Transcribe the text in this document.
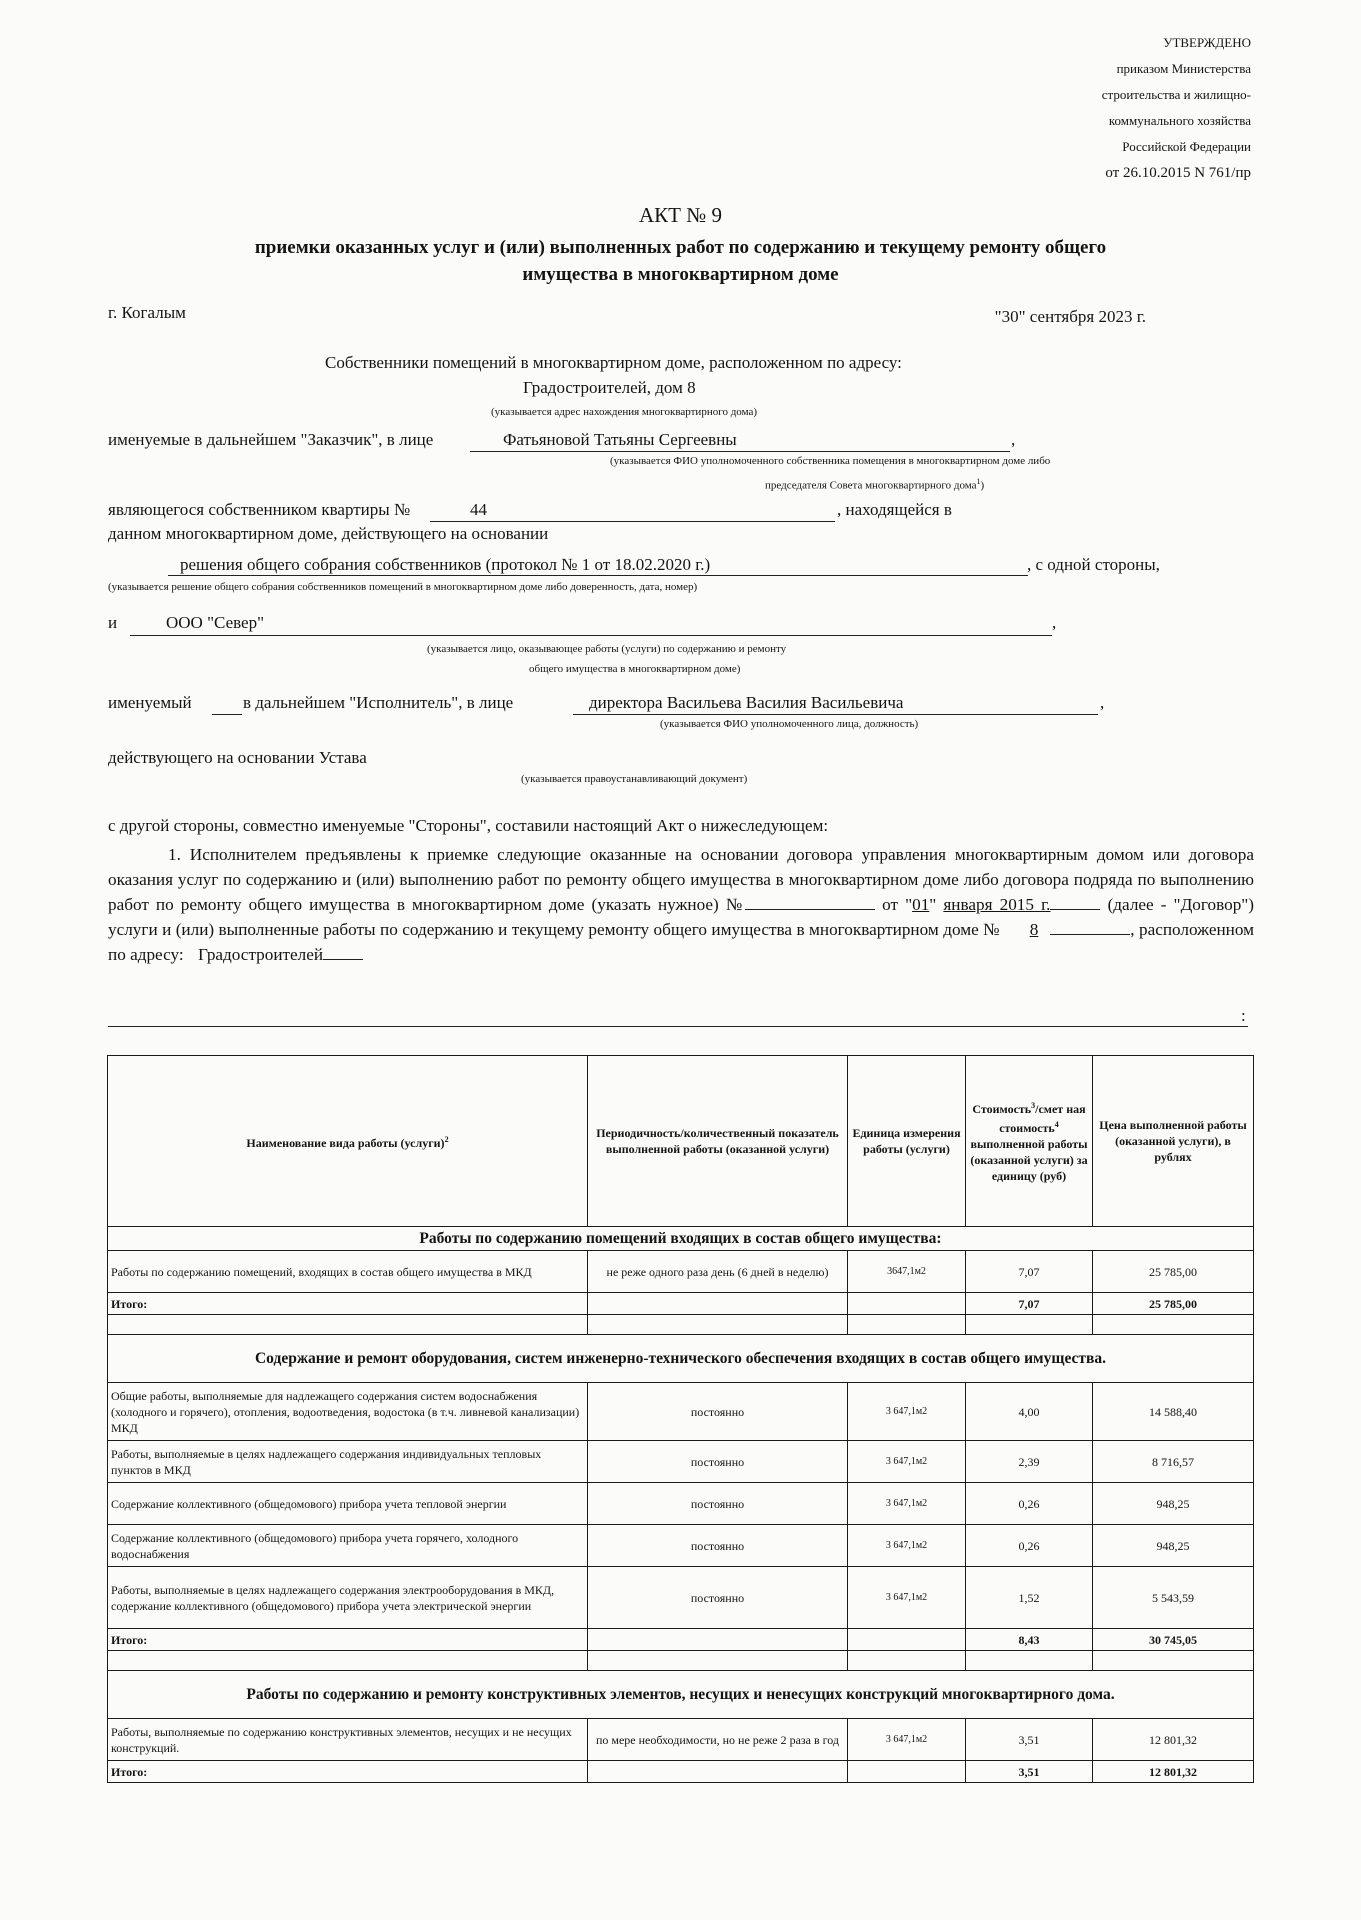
УТВЕРЖДЕНО
приказом Министерства
строительства и жилищно-
коммунального хозяйства
Российской Федерации
от 26.10.2015 N 761/пр
АКТ № 9
приемки оказанных услуг и (или) выполненных работ по содержанию и текущему ремонту общего
имущества в многоквартирном доме
г. Когалым	"30" сентября 2023 г.
Собственники помещений в многоквартирном доме, расположенном по адресу:
Градостроителей, дом 8
(указывается адрес нахождения многоквартирного дома)
именуемые в дальнейшем "Заказчик", в лице	Фатьяновой Татьяны Сергеевны	,
(указывается ФИО уполномоченного собственника помещения в многоквартирном доме либо
председателя Совета многоквартирного дома$^1$)
являющегося собственником квартиры №	44	, находящейся в
данном многоквартирном доме, действующего на основании
решения общего собрания собственников (протокол № 1 от 18.02.2020 г.)	, с одной стороны,
(указывается решение общего собрания собственников помещений в многоквартирном доме либо доверенность, дата, номер)
и	ООО "Север"	,
(указывается лицо, оказывающее работы (услуги) по содержанию и ремонту
общего имущества в многоквартирном доме)
именуемый	в дальнейшем "Исполнитель", в лице	директора Васильева Василия Васильевича	,
(указывается ФИО уполномоченного лица, должность)
действующего на основании Устава
(указывается правоустанавливающий документ)
с другой стороны, совместно именуемые "Стороны", составили настоящий Акт о нижеследующем:

1. Исполнителем предъявлены к приемке следующие оказанные на основании договора управления многоквартирным домом или договора оказания услуг по содержанию и (или) выполнению работ по ремонту общего имущества в многоквартирном доме либо договора подряда по выполнению работ по ремонту общего имущества в многоквартирном доме (указать нужное) №	от "01" января 2015 г.	(далее - "Договор") услуги и (или) выполненные работы по содержанию и текущему ремонту общего имущества в многоквартирном доме № 8	, расположенном по адресу: Градостроителей

:
Наименование вида работы (услуги)$^2$	Периодичность/количественный показатель выполненной работы (оказанной услуги)	Единица измерения работы (услуги)	Стоимость$^3$/смет ная стоимость$^4$ выполненной работы (оказанной услуги) за единицу (руб)	Цена выполненной работы (оказанной услуги), в рублях
Работы по содержанию помещений входящих в состав общего имущества:				
Работы по содержанию помещений, входящих в состав общего имущества в МКД	не реже одного раза день (6 дней в неделю)	3647,1м2	7,07	25 785,00
Итого:			7,07	25 785,00

Содержание и ремонт оборудования, систем инженерно-технического обеспечения входящих в состав общего имущества.				
Общие работы, выполняемые для надлежащего содержания систем водоснабжения (холодного и горячего), отопления, водоотведения, водостока (в т.ч. ливневой канализации) МКД	постоянно	3 647,1м2	4,00	14 588,40
Работы, выполняемые в целях надлежащего содержания индивидуальных тепловых пунктов в МКД	постоянно	3 647,1м2	2,39	8 716,57
Содержание коллективного (общедомового) прибора учета тепловой энергии	постоянно	3 647,1м2	0,26	948,25
Содержание коллективного (общедомового) прибора учета горячего, холодного водоснабжения	постоянно	3 647,1м2	0,26	948,25
Работы, выполняемые в целях надлежащего содержания электрооборудования в МКД, содержание коллективного (общедомового) прибора учета электрической энергии	постоянно	3 647,1м2	1,52	5 543,59
Итого:			8,43	30 745,05

Работы по содержанию и ремонту конструктивных элементов, несущих и ненесущих конструкций многоквартирного дома.				
Работы, выполняемые по содержанию конструктивных элементов, несущих и не несущих конструкций.	по мере необходимости, но не реже 2 раза в год	3 647,1м2	3,51	12 801,32
Итого:			3,51	12 801,32
